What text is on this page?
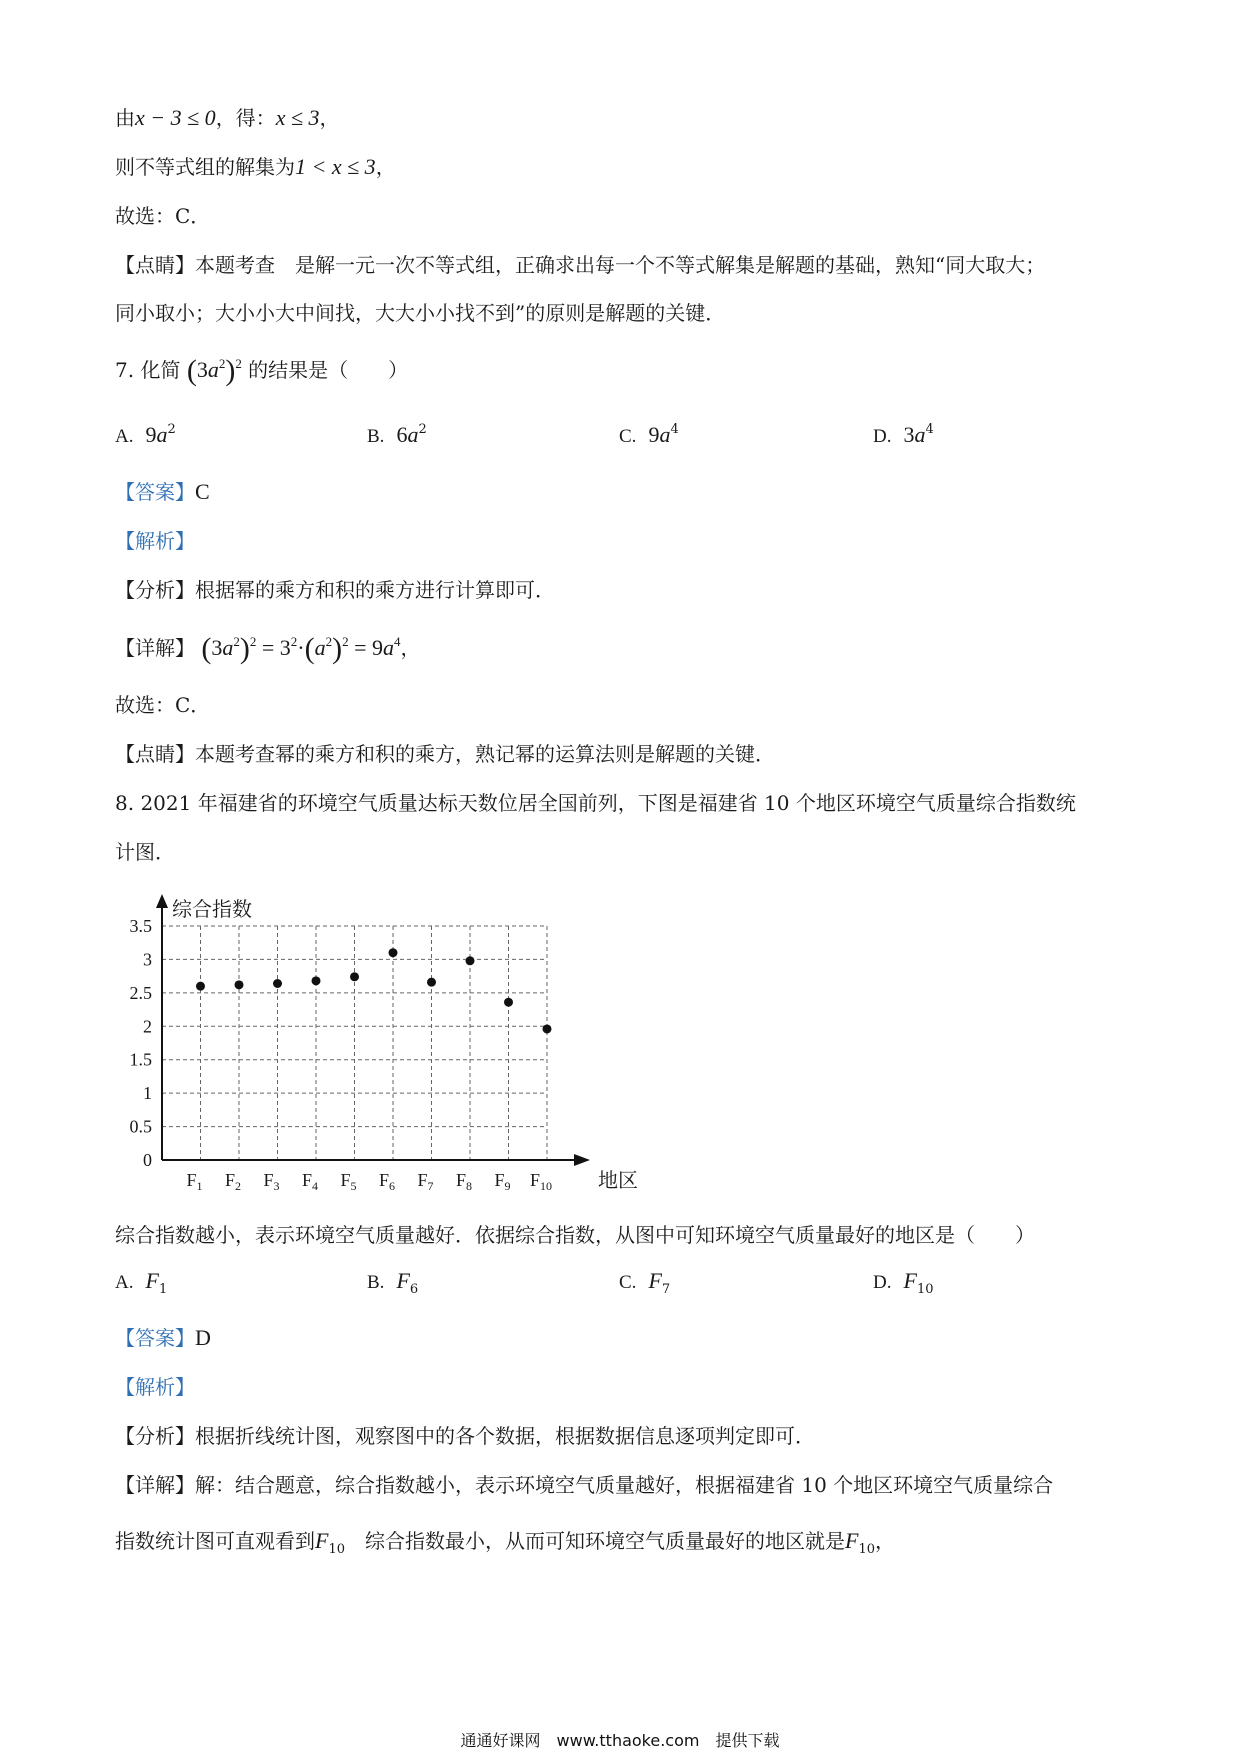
由x − 3 ≤ 0，得：x ≤ 3，
则不等式组的解集为1 < x ≤ 3，
故选：C．
【点睛】本题考查　是解一元一次不等式组，正确求出每一个不等式解集是解题的基础，熟知“同大取大；
同小取小；大小小大中间找，大大小小找不到”的原则是解题的关键．
7. 化简 $(3a^2)^2$ 的结果是（　　）
A. $9a^2$	B. $6a^2$	C. $9a^4$	D. $3a^4$
【答案】C
【解析】
【分析】根据幂的乘方和积的乘方进行计算即可．
【详解】 $(3a^2)^2 = 3^2\cdot(a^2)^2 = 9a^4$，
故选：C．
【点睛】本题考查幂的乘方和积的乘方，熟记幂的运算法则是解题的关键．
8. 2021 年福建省的环境空气质量达标天数位居全国前列，下图是福建省 10 个地区环境空气质量综合指数统
计图．
0
0.5
1
1.5
2
2.5
3
3.5
综合指数
地区
$F_1$ $F_2$ $F_3$ $F_4$ $F_5$ $F_6$ $F_7$ $F_8$ $F_9$ $F_{10}$
综合指数越小，表示环境空气质量越好．依据综合指数，从图中可知环境空气质量最好的地区是（　　）
A. $F_1$	B. $F_6$	C. $F_7$	D. $F_{10}$
【答案】D
【解析】
【分析】根据折线统计图，观察图中的各个数据，根据数据信息逐项判定即可．
【详解】解：结合题意，综合指数越小，表示环境空气质量越好，根据福建省 10 个地区环境空气质量综合
指数统计图可直观看到$F_{10}$　综合指数最小，从而可知环境空气质量最好的地区就是$F_{10}$，
通通好课网　www.tthaoke.com　提供下载
